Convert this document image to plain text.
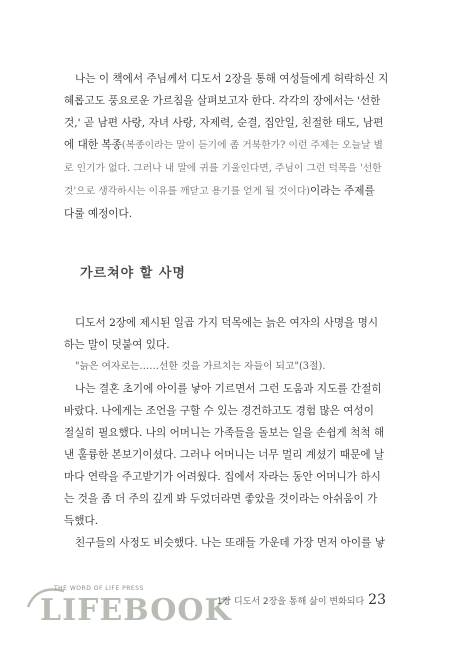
나는 이 책에서 주님께서 디도서 2장을 통해 여성들에게 허락하신 지
혜롭고도 풍요로운 가르침을 살펴보고자 한다. 각각의 장에서는 '선한
것,' 곧 남편 사랑, 자녀 사랑, 자제력, 순결, 집안일, 친절한 태도, 남편
에 대한 복종(복종이라는 말이 듣기에 좀 거북한가? 이런 주제는 오늘날 별
로 인기가 없다. 그러나 내 말에 귀를 기울인다면, 주님이 그런 덕목을 '선한
것'으로 생각하시는 이유를 깨닫고 용기를 얻게 될 것이다)이라는 주제를
다룰 예정이다.

가르쳐야 할 사명

디도서 2장에 제시된 일곱 가지 덕목에는 늙은 여자의 사명을 명시
하는 말이 덧붙여 있다.

"늙은 여자로는……선한 것을 가르치는 자들이 되고"(3절).
나는 결혼 초기에 아이를 낳아 기르면서 그런 도움과 지도를 간절히
바랐다. 나에게는 조언을 구할 수 있는 경건하고도 경험 많은 여성이
절실히 필요했다. 나의 어머니는 가족들을 돌보는 일을 손쉽게 척척 해
낸 훌륭한 본보기이셨다. 그러나 어머니는 너무 멀리 계셨기 때문에 날
마다 연락을 주고받기가 어려웠다. 집에서 자라는 동안 어머니가 하시
는 것을 좀 더 주의 깊게 봐 두었더라면 좋았을 것이라는 아쉬움이 가
득했다.

친구들의 사정도 비슷했다. 나는 또래들 가운데 가장 먼저 아이를 낳

THE WORD OF LIFE PRESS
LIFEBOOK
1장 디도서 2장을 통해 삶이 변화되다 23
